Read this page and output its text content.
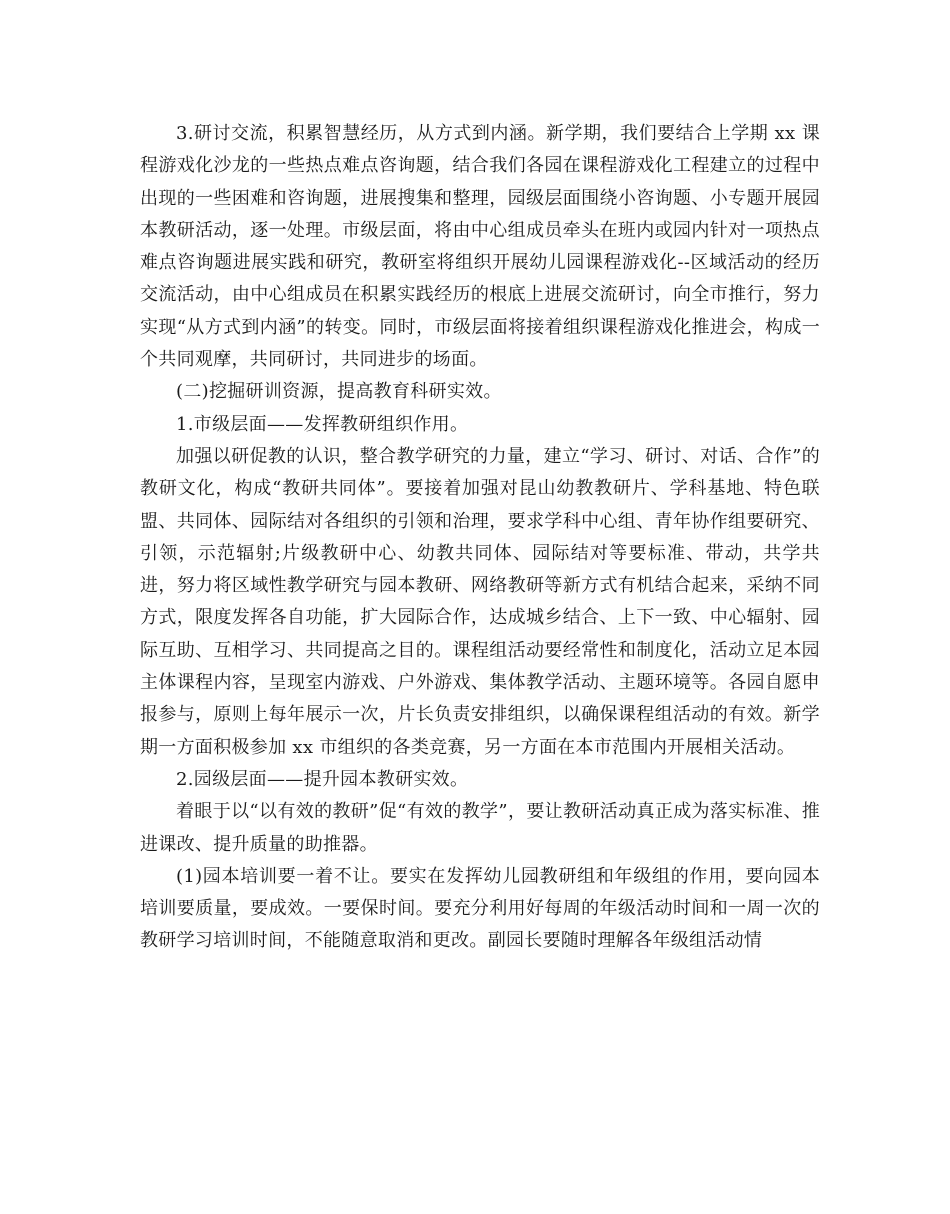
3.研讨交流，积累智慧经历，从方式到内涵。新学期，我们要结合上学期 xx 课程游戏化沙龙的一些热点难点咨询题，结合我们各园在课程游戏化工程建立的过程中出现的一些困难和咨询题，进展搜集和整理，园级层面围绕小咨询题、小专题开展园本教研活动，逐一处理。市级层面，将由中心组成员牵头在班内或园内针对一项热点难点咨询题进展实践和研究，教研室将组织开展幼儿园课程游戏化--区域活动的经历交流活动，由中心组成员在积累实践经历的根底上进展交流研讨，向全市推行，努力实现“从方式到内涵”的转变。同时，市级层面将接着组织课程游戏化推进会，构成一个共同观摩，共同研讨，共同进步的场面。

(二)挖掘研训资源，提高教育科研实效。

1.市级层面——发挥教研组织作用。

加强以研促教的认识，整合教学研究的力量，建立“学习、研讨、对话、合作”的教研文化，构成“教研共同体”。要接着加强对昆山幼教教研片、学科基地、特色联盟、共同体、园际结对各组织的引领和治理，要求学科中心组、青年协作组要研究、引领，示范辐射;片级教研中心、幼教共同体、园际结对等要标准、带动，共学共进，努力将区域性教学研究与园本教研、网络教研等新方式有机结合起来，采纳不同方式，限度发挥各自功能，扩大园际合作，达成城乡结合、上下一致、中心辐射、园际互助、互相学习、共同提高之目的。课程组活动要经常性和制度化，活动立足本园主体课程内容，呈现室内游戏、户外游戏、集体教学活动、主题环境等。各园自愿申报参与，原则上每年展示一次，片长负责安排组织，以确保课程组活动的有效。新学期一方面积极参加 xx 市组织的各类竞赛，另一方面在本市范围内开展相关活动。

2.园级层面——提升园本教研实效。

着眼于以“以有效的教研”促“有效的教学”，要让教研活动真正成为落实标准、推进课改、提升质量的助推器。

(1)园本培训要一着不让。要实在发挥幼儿园教研组和年级组的作用，要向园本培训要质量，要成效。一要保时间。要充分利用好每周的年级活动时间和一周一次的教研学习培训时间，不能随意取消和更改。副园长要随时理解各年级组活动情
